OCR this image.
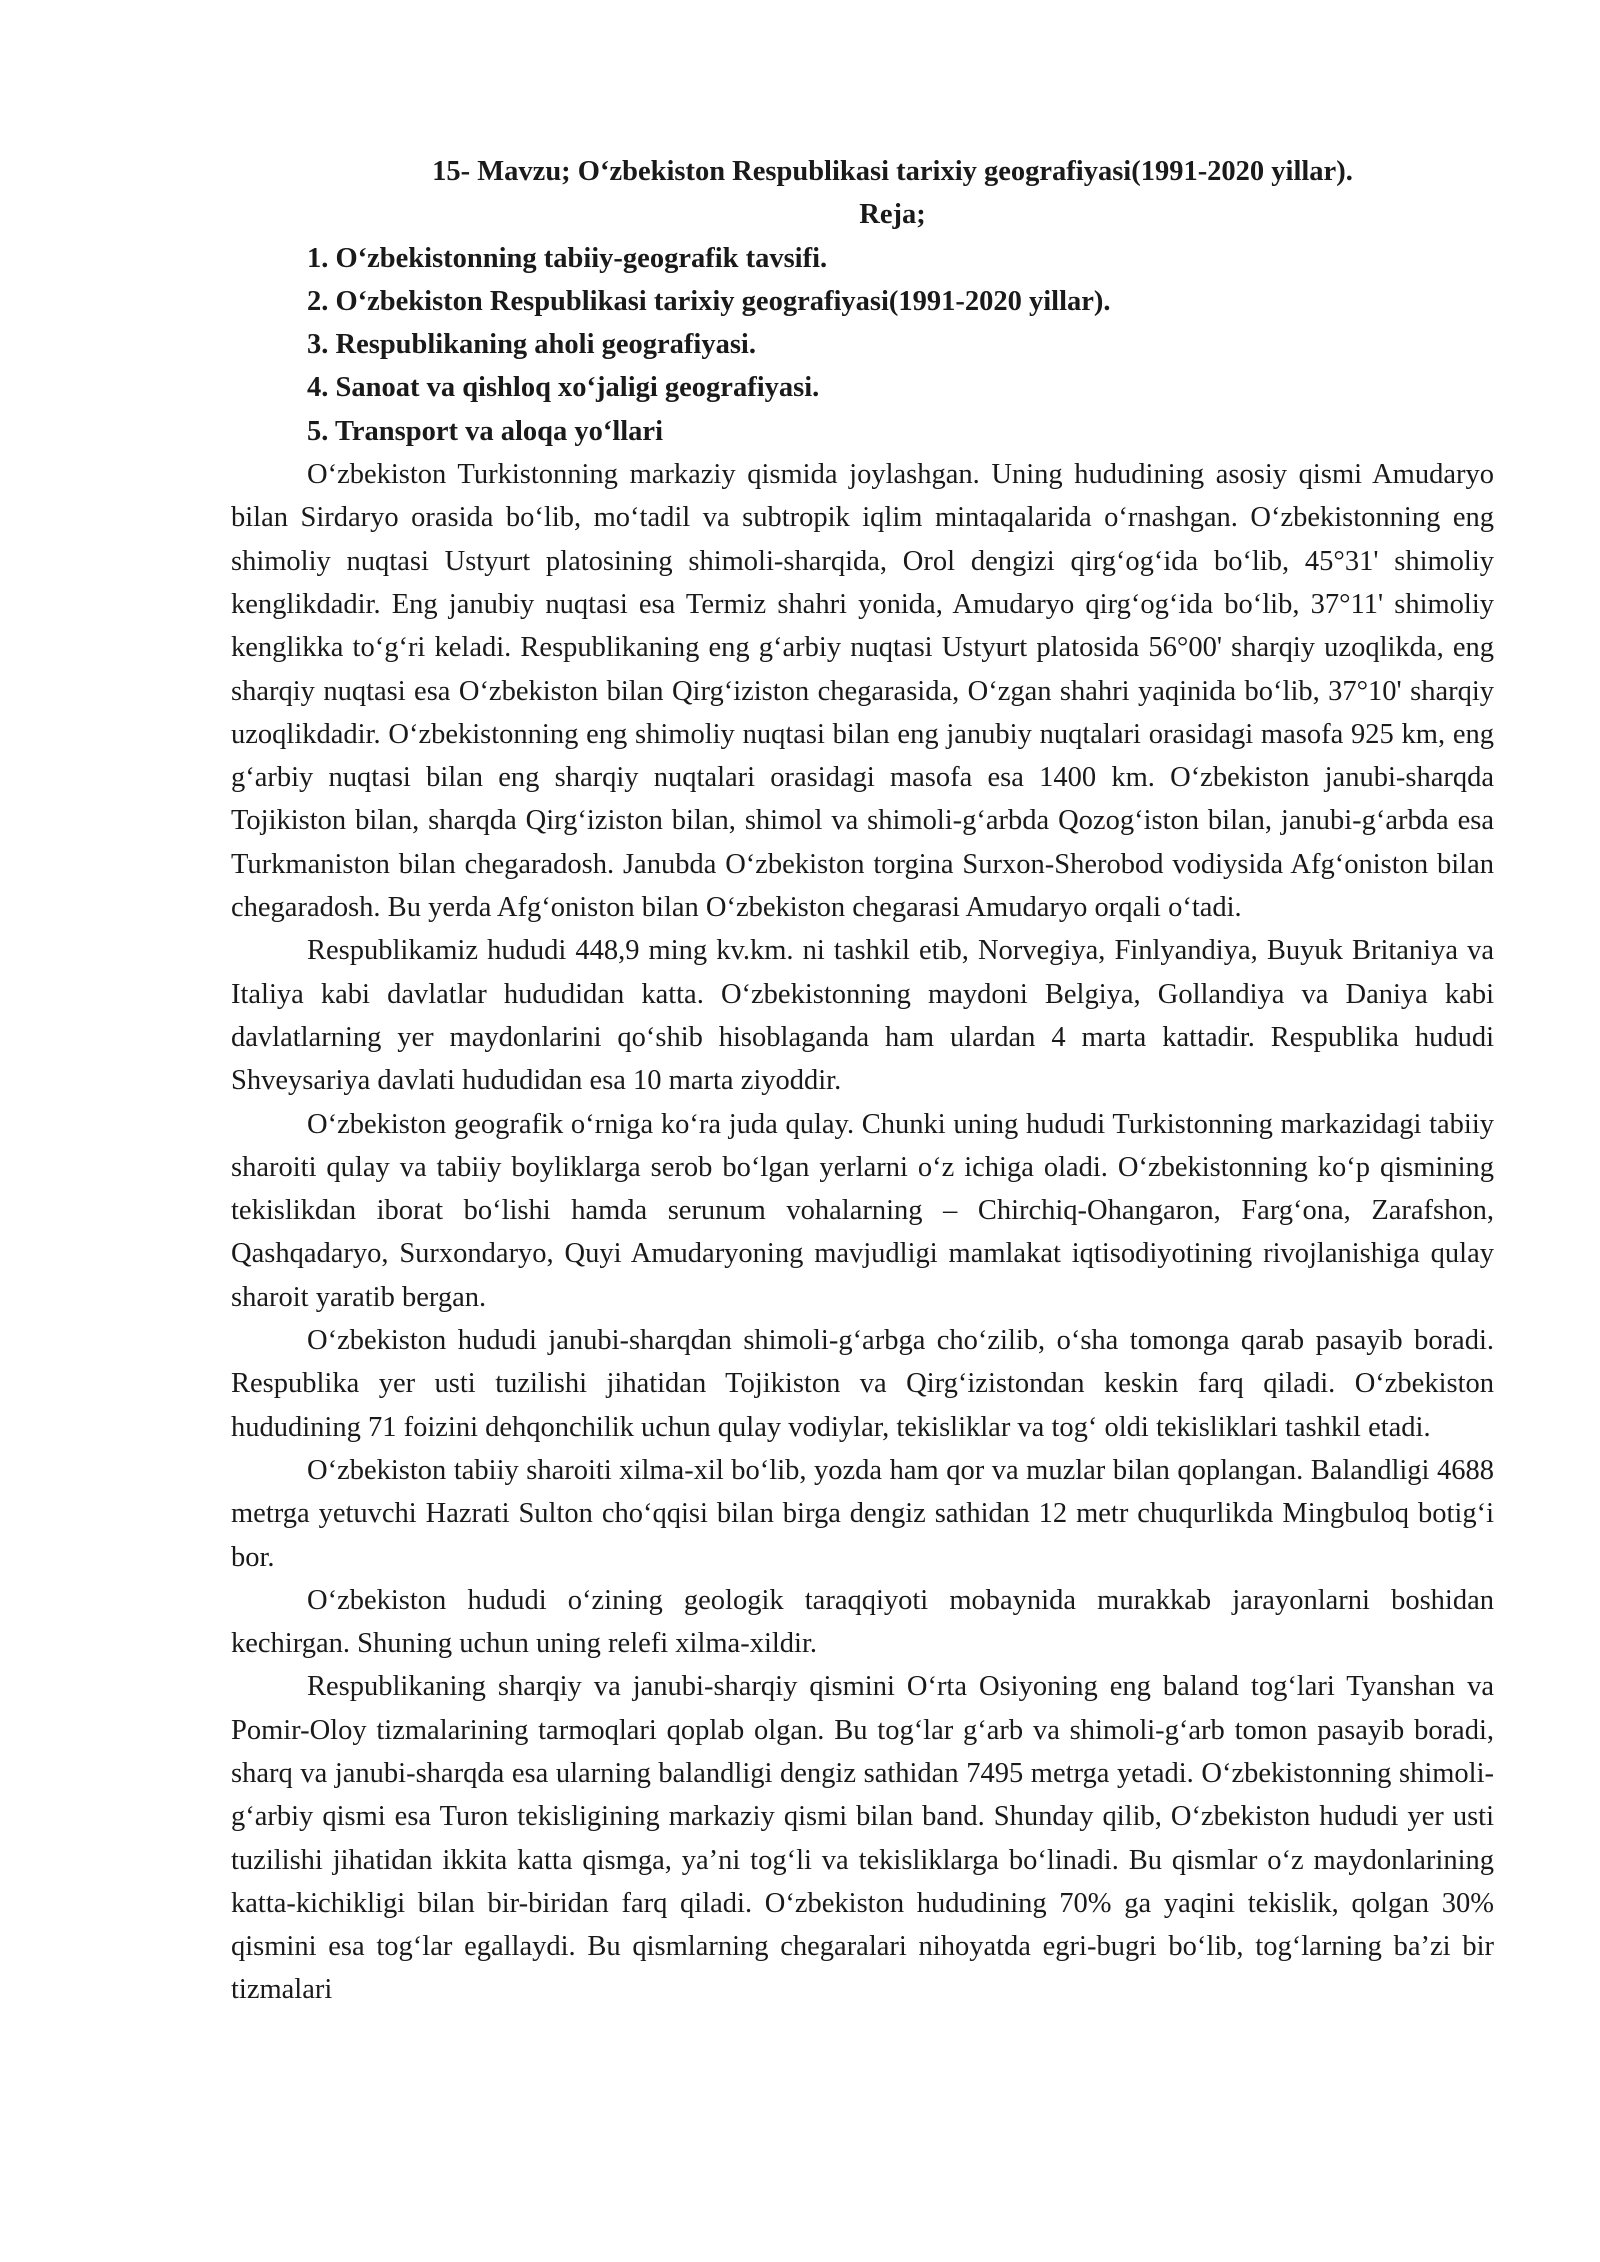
15- Mavzu; O‘zbekiston Respublikasi tarixiy geografiyasi(1991-2020 yillar).

Reja;

1. O‘zbekistonning tabiiy-geografik tavsifi.
2. O‘zbekiston Respublikasi tarixiy geografiyasi(1991-2020 yillar).
3. Respublikaning aholi geografiyasi.
4. Sanoat va qishloq xo‘jaligi geografiyasi.
5. Transport va aloqa yo‘llari

O‘zbekiston Turkistonning markaziy qismida joylashgan. Uning hududining asosiy qismi Amudaryo bilan Sirdaryo orasida bo‘lib, mo‘tadil va subtropik iqlim mintaqalarida o‘rnashgan. O‘zbekistonning eng shimoliy nuqtasi Ustyurt platosining shimoli-sharqida, Orol dengizi qirg‘og‘ida bo‘lib, 45°31' shimoliy kenglikdadir. Eng janubiy nuqtasi esa Termiz shahri yonida, Amudaryo qirg‘og‘ida bo‘lib, 37°11' shimoliy kenglikka to‘g‘ri keladi. Respublikaning eng g‘arbiy nuqtasi Ustyurt platosida 56°00' sharqiy uzoqlikda, eng sharqiy nuqtasi esa O‘zbekiston bilan Qirg‘iziston chegarasida, O‘zgan shahri yaqinida bo‘lib, 37°10' sharqiy uzoqlikdadir. O‘zbekistonning eng shimoliy nuqtasi bilan eng janubiy nuqtalari orasidagi masofa 925 km, eng g‘arbiy nuqtasi bilan eng sharqiy nuqtalari orasidagi masofa esa 1400 km. O‘zbekiston janubi-sharqda Tojikiston bilan, sharqda Qirg‘iziston bilan, shimol va shimoli-g‘arbda Qozog‘iston bilan, janubi-g‘arbda esa Turkmaniston bilan chegaradosh. Janubda O‘zbekiston torgina Surxon-Sherobod vodiysida Afg‘oniston bilan chegaradosh. Bu yerda Afg‘oniston bilan O‘zbekiston chegarasi Amudaryo orqali o‘tadi.

Respublikamiz hududi 448,9 ming kv.km. ni tashkil etib, Norvegiya, Finlyandiya, Buyuk Britaniya va Italiya kabi davlatlar hududidan katta. O‘zbekistonning maydoni Belgiya, Gollandiya va Daniya kabi davlatlarning yer maydonlarini qo‘shib hisoblaganda ham ulardan 4 marta kattadir. Respublika hududi Shveysariya davlati hududidan esa 10 marta ziyoddir.

O‘zbekiston geografik o‘rniga ko‘ra juda qulay. Chunki uning hududi Turkistonning markazidagi tabiiy sharoiti qulay va tabiiy boyliklarga serob bo‘lgan yerlarni o‘z ichiga oladi. O‘zbekistonning ko‘p qismining tekislikdan iborat bo‘lishi hamda serunum vohalarning – Chirchiq-Ohangaron, Farg‘ona, Zarafshon, Qashqadaryo, Surxondaryo, Quyi Amudaryoning mavjudligi mamlakat iqtisodiyotining rivojlanishiga qulay sharoit yaratib bergan.

O‘zbekiston hududi janubi-sharqdan shimoli-g‘arbga cho‘zilib, o‘sha tomonga qarab pasayib boradi. Respublika yer usti tuzilishi jihatidan Tojikiston va Qirg‘izistondan keskin farq qiladi. O‘zbekiston hududining 71 foizini dehqonchilik uchun qulay vodiylar, tekisliklar va tog‘ oldi tekisliklari tashkil etadi.

O‘zbekiston tabiiy sharoiti xilma-xil bo‘lib, yozda ham qor va muzlar bilan qoplangan. Balandligi 4688 metrga yetuvchi Hazrati Sulton cho‘qqisi bilan birga dengiz sathidan 12 metr chuqurlikda Mingbuloq botig‘i bor.

O‘zbekiston hududi o‘zining geologik taraqqiyoti mobaynida murakkab jarayonlarni boshidan kechirgan. Shuning uchun uning relefi xilma-xildir.

Respublikaning sharqiy va janubi-sharqiy qismini O‘rta Osiyoning eng baland tog‘lari Tyanshan va Pomir-Oloy tizmalarining tarmoqlari qoplab olgan. Bu tog‘lar g‘arb va shimoli-g‘arb tomon pasayib boradi, sharq va janubi-sharqda esa ularning balandligi dengiz sathidan 7495 metrga yetadi. O‘zbekistonning shimoli-g‘arbiy qismi esa Turon tekisligining markaziy qismi bilan band. Shunday qilib, O‘zbekiston hududi yer usti tuzilishi jihatidan ikkita katta qismga, ya’ni tog‘li va tekisliklarga bo‘linadi. Bu qismlar o‘z maydonlarining katta-kichikligi bilan bir-biridan farq qiladi. O‘zbekiston hududining 70% ga yaqini tekislik, qolgan 30% qismini esa tog‘lar egallaydi. Bu qismlarning chegaralari nihoyatda egri-bugri bo‘lib, tog‘larning ba’zi bir tizmalari
